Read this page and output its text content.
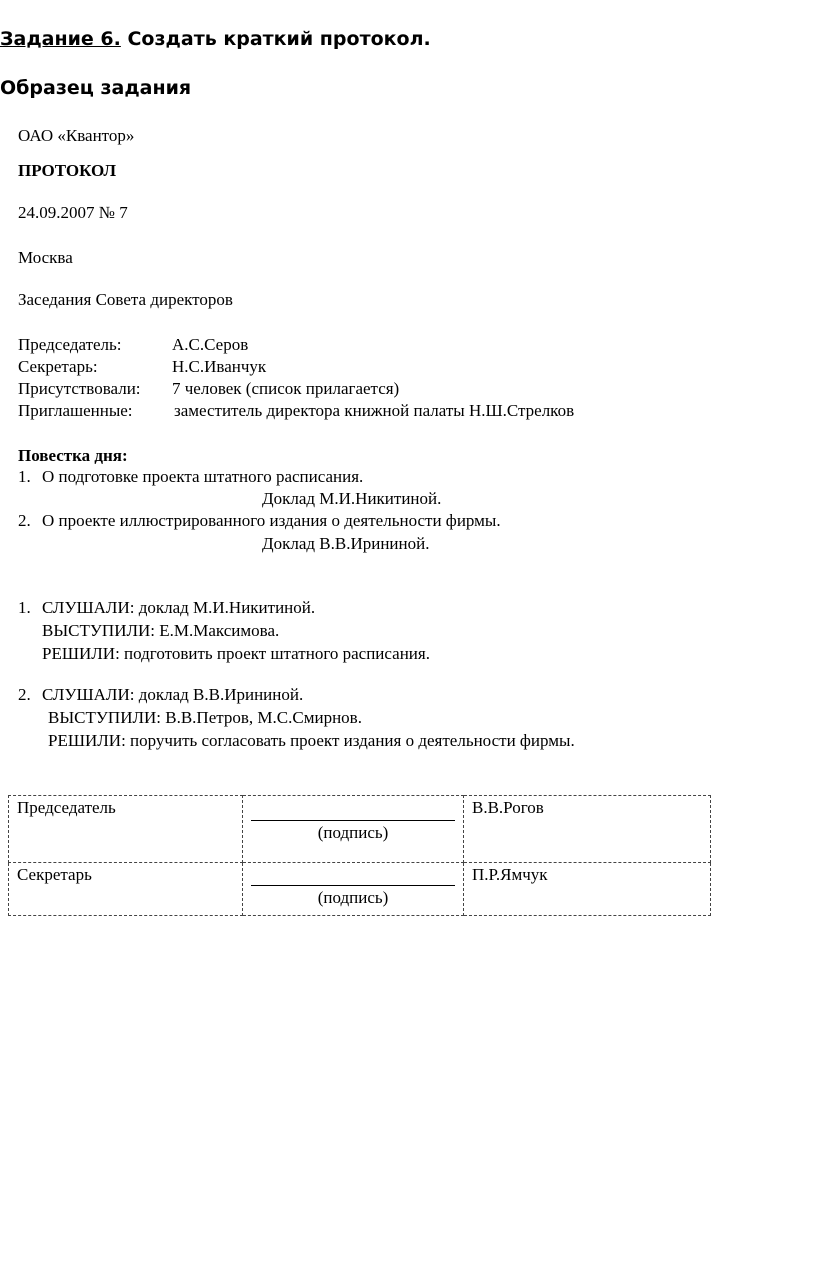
Задание 6. Создать краткий протокол.
Образец задания
ОАО «Квантор»
ПРОТОКОЛ
24.09.2007 № 7
Москва
Заседания Совета директоров
Председатель:	А.С.Серов
Секретарь:	Н.С.Иванчук
Присутствовали: 7 человек (список прилагается)
Приглашенные: заместитель директора книжной палаты Н.Ш.Стрелков
Повестка дня:
1. О подготовке проекта штатного расписания.
Доклад М.И.Никитиной.
2. О проекте иллюстрированного издания о деятельности фирмы.
Доклад В.В.Ирининой.
1. СЛУШАЛИ: доклад М.И.Никитиной.
ВЫСТУПИЛИ: Е.М.Максимова.
РЕШИЛИ: подготовить проект штатного расписания.
2. СЛУШАЛИ: доклад В.В.Ирининой.
ВЫСТУПИЛИ: В.В.Петров, М.С.Смирнов.
РЕШИЛИ: поручить согласовать проект издания о деятельности фирмы.
Председатель	(подпись)	В.В.Рогов
Секретарь	(подпись)	П.Р.Ямчук
